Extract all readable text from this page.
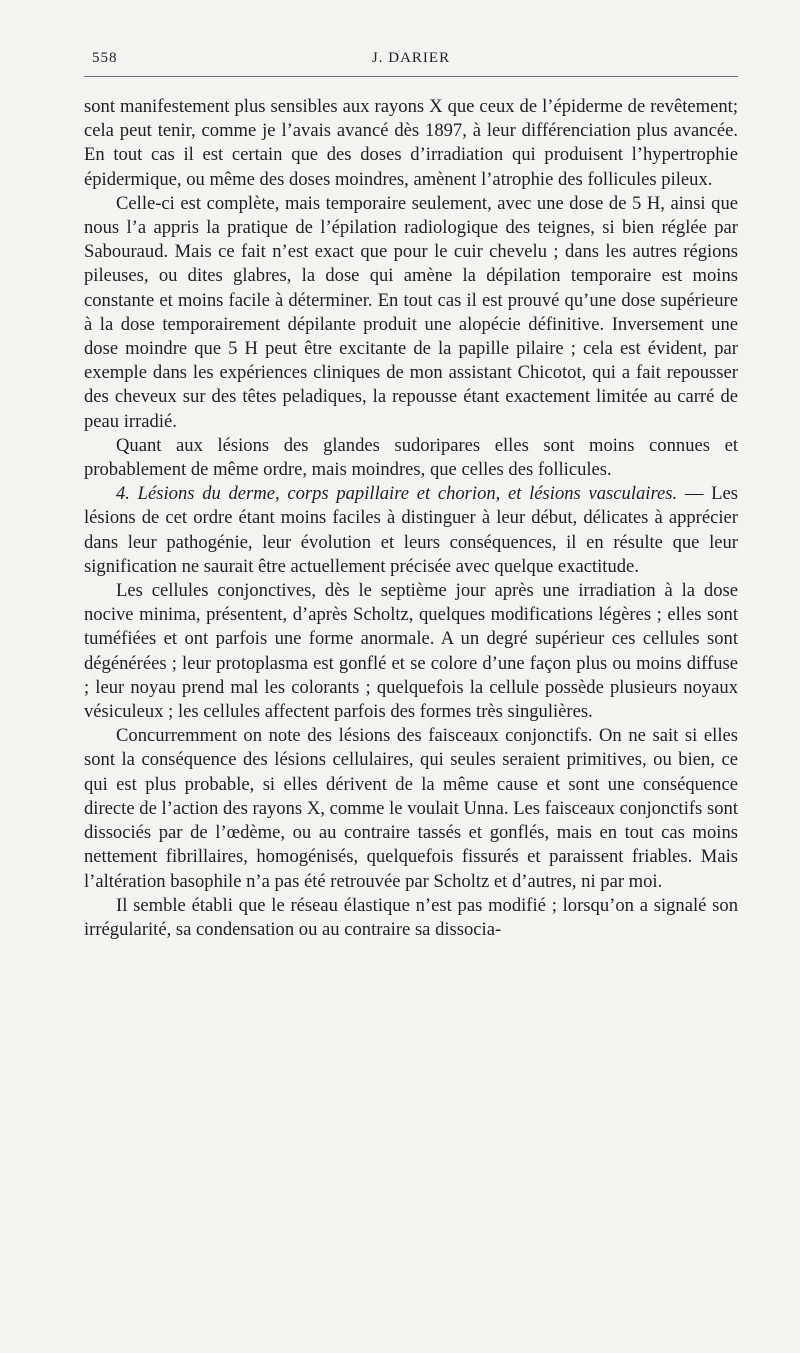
558	J. DARIER

sont manifestement plus sensibles aux rayons X que ceux de l’épiderme de revêtement; cela peut tenir, comme je l’avais avancé dès 1897, à leur différenciation plus avancée. En tout cas il est certain que des doses d’irradiation qui produisent l’hypertrophie épidermique, ou même des doses moindres, amènent l’atrophie des follicules pileux.

Celle-ci est complète, mais temporaire seulement, avec une dose de 5 H, ainsi que nous l’a appris la pratique de l’épilation radiologique des teignes, si bien réglée par Sabouraud. Mais ce fait n’est exact que pour le cuir chevelu ; dans les autres régions pileuses, ou dites glabres, la dose qui amène la dépilation temporaire est moins constante et moins facile à déterminer. En tout cas il est prouvé qu’une dose supérieure à la dose temporairement dépilante produit une alopécie définitive. Inversement une dose moindre que 5 H peut être excitante de la papille pilaire ; cela est évident, par exemple dans les expériences cliniques de mon assistant Chicotot, qui a fait repousser des cheveux sur des têtes peladiques, la repousse étant exactement limitée au carré de peau irradié.

Quant aux lésions des glandes sudoripares elles sont moins connues et probablement de même ordre, mais moindres, que celles des follicules.

4. Lésions du derme, corps papillaire et chorion, et lésions vasculaires. — Les lésions de cet ordre étant moins faciles à distinguer à leur début, délicates à apprécier dans leur pathogénie, leur évolution et leurs conséquences, il en résulte que leur signification ne saurait être actuellement précisée avec quelque exactitude.

Les cellules conjonctives, dès le septième jour après une irradiation à la dose nocive minima, présentent, d’après Scholtz, quelques modifications légères ; elles sont tuméfiées et ont parfois une forme anormale. A un degré supérieur ces cellules sont dégénérées ; leur protoplasma est gonflé et se colore d’une façon plus ou moins diffuse ; leur noyau prend mal les colorants ; quelquefois la cellule possède plusieurs noyaux vésiculeux ; les cellules affectent parfois des formes très singulières.

Concurremment on note des lésions des faisceaux conjonctifs. On ne sait si elles sont la conséquence des lésions cellulaires, qui seules seraient primitives, ou bien, ce qui est plus probable, si elles dérivent de la même cause et sont une conséquence directe de l’action des rayons X, comme le voulait Unna. Les faisceaux conjonctifs sont dissociés par de l’œdème, ou au contraire tassés et gonflés, mais en tout cas moins nettement fibrillaires, homogénisés, quelquefois fissurés et paraissent friables. Mais l’altération basophile n’a pas été retrouvée par Scholtz et d’autres, ni par moi.

Il semble établi que le réseau élastique n’est pas modifié ; lorsqu’on a signalé son irrégularité, sa condensation ou au contraire sa dissocia-
